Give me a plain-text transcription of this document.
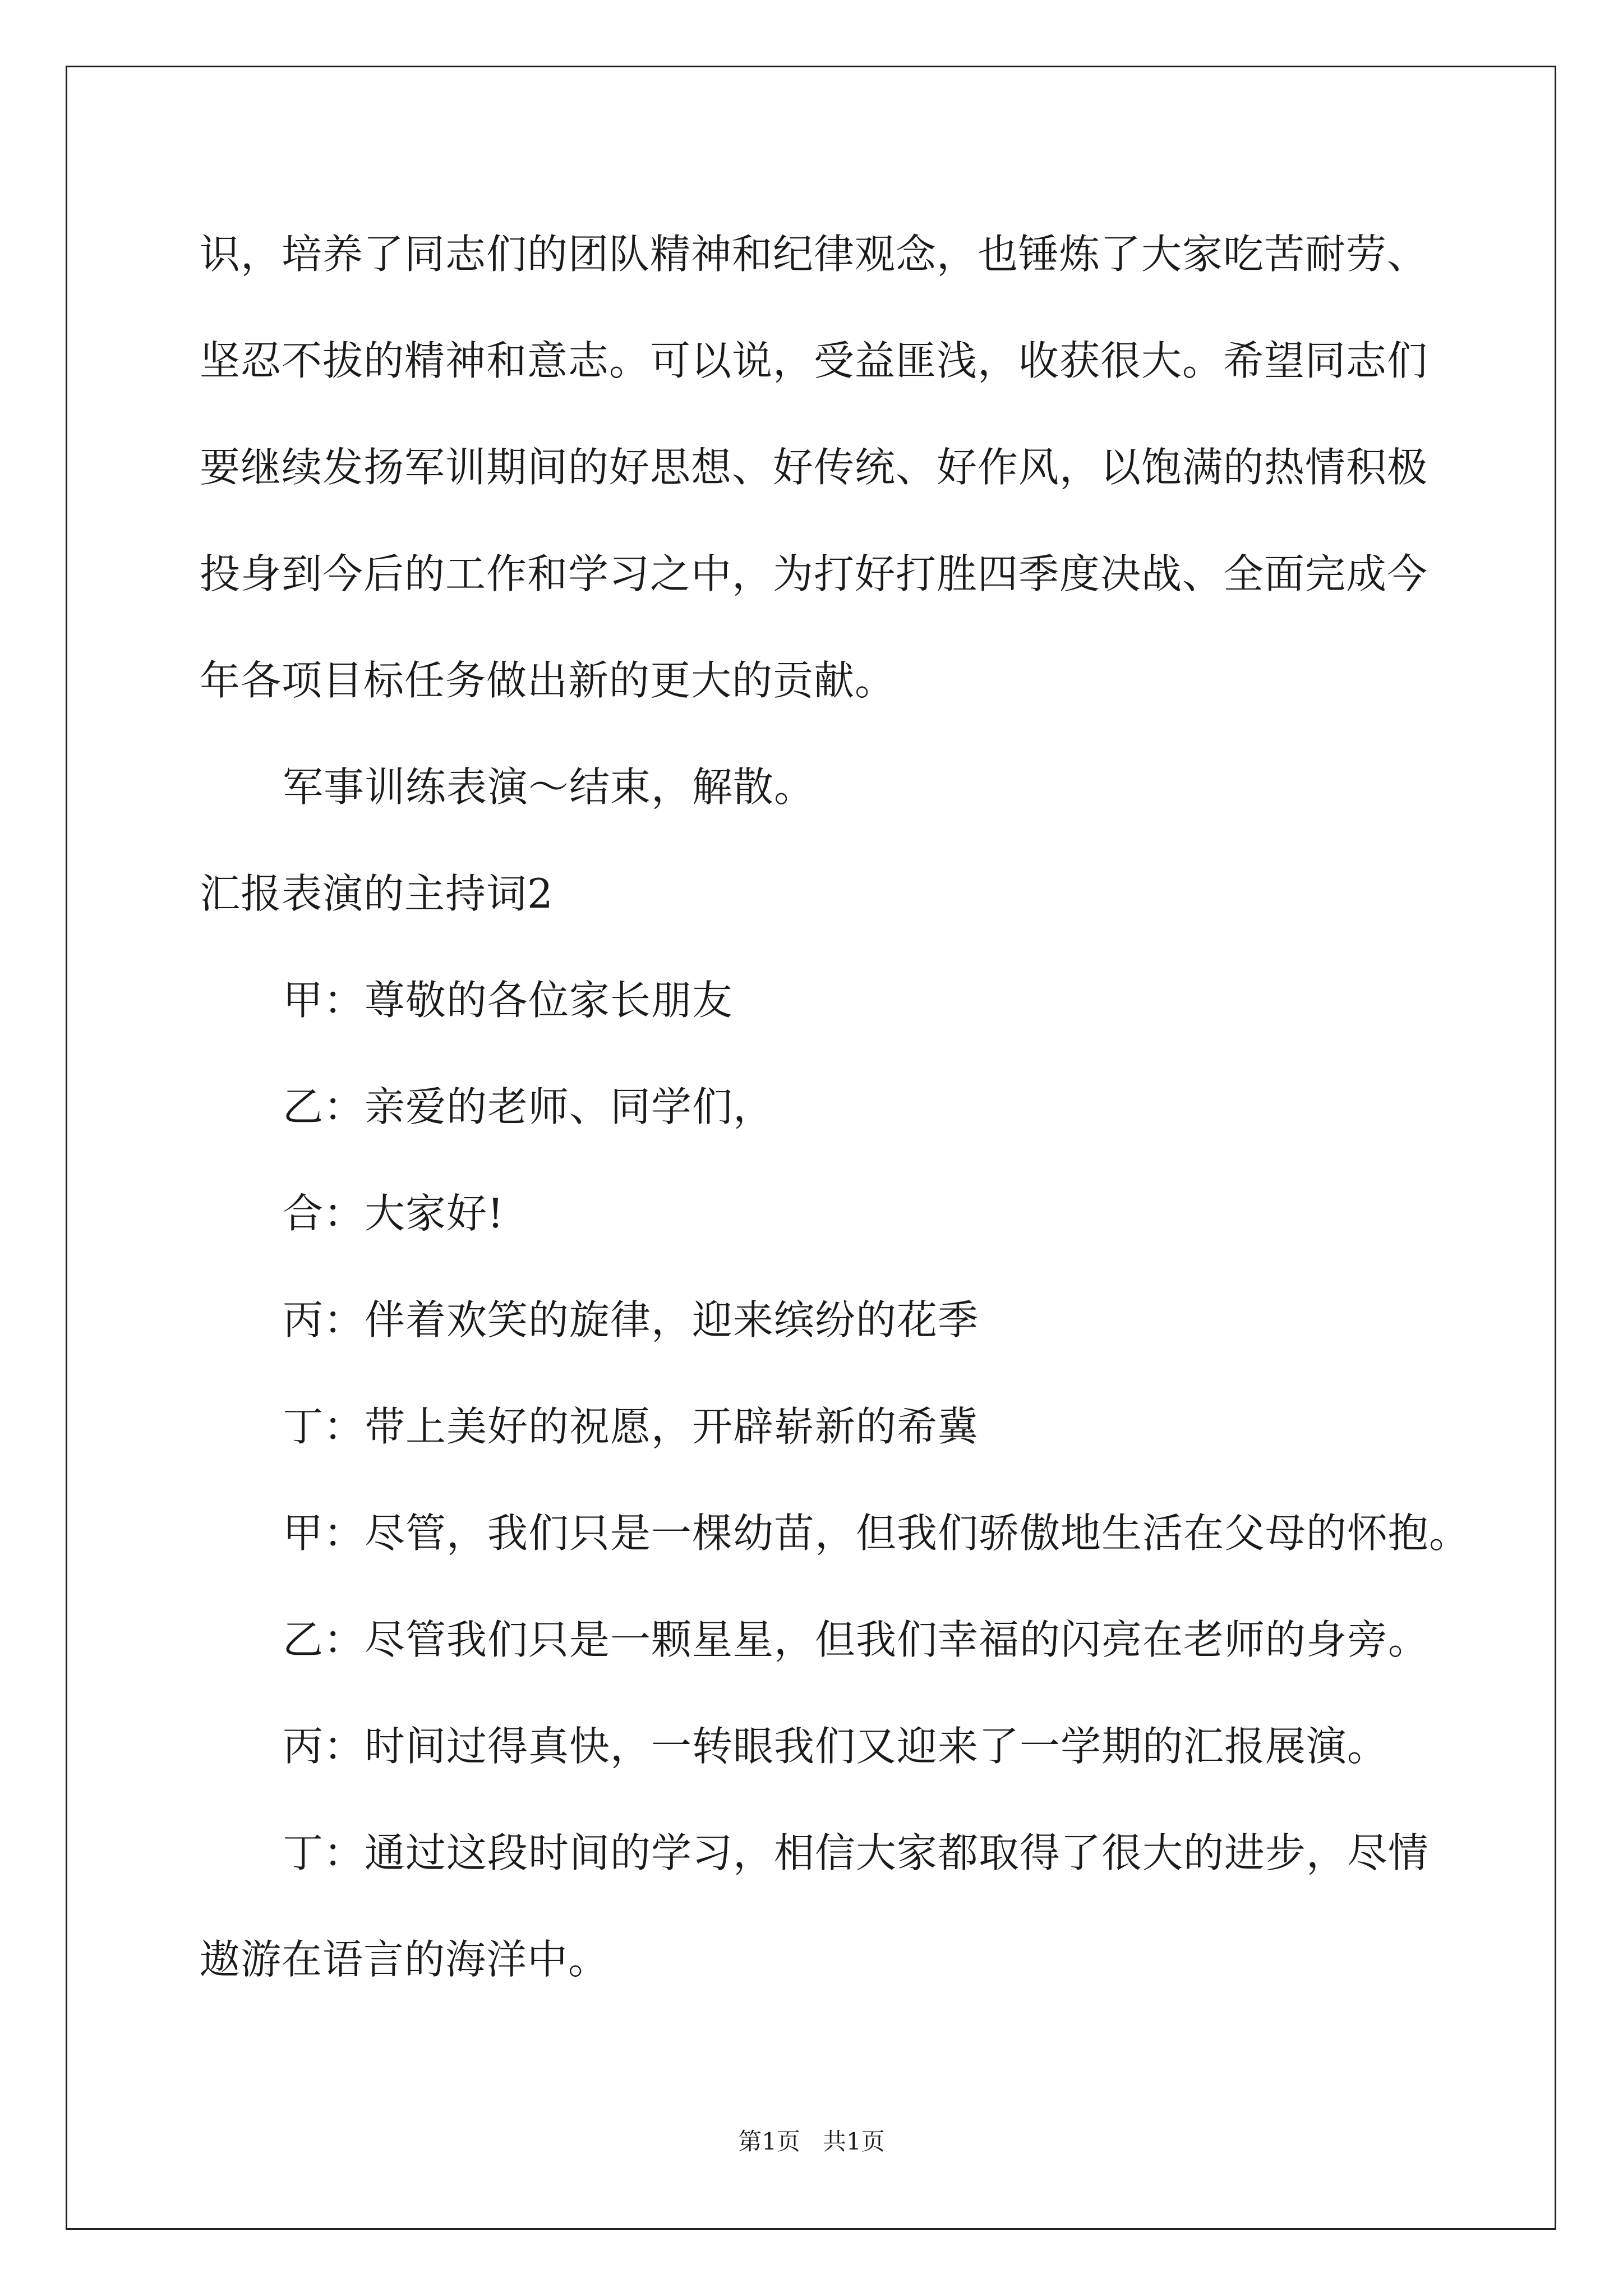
识，培养了同志们的团队精神和纪律观念，也锤炼了大家吃苦耐劳、
坚忍不拔的精神和意志。可以说，受益匪浅，收获很大。希望同志们
要继续发扬军训期间的好思想、好传统、好作风，以饱满的热情积极
投身到今后的工作和学习之中，为打好打胜四季度决战、全面完成今
年各项目标任务做出新的更大的贡献。
军事训练表演～结束，解散。
汇报表演的主持词2
甲：尊敬的各位家长朋友
乙：亲爱的老师、同学们，
合：大家好!
丙：伴着欢笑的旋律，迎来缤纷的花季
丁：带上美好的祝愿，开辟崭新的希冀
甲：尽管，我们只是一棵幼苗，但我们骄傲地生活在父母的怀抱。
乙：尽管我们只是一颗星星，但我们幸福的闪亮在老师的身旁。
丙：时间过得真快，一转眼我们又迎来了一学期的汇报展演。
丁：通过这段时间的学习，相信大家都取得了很大的进步，尽情
遨游在语言的海洋中。
第1页   共1页
